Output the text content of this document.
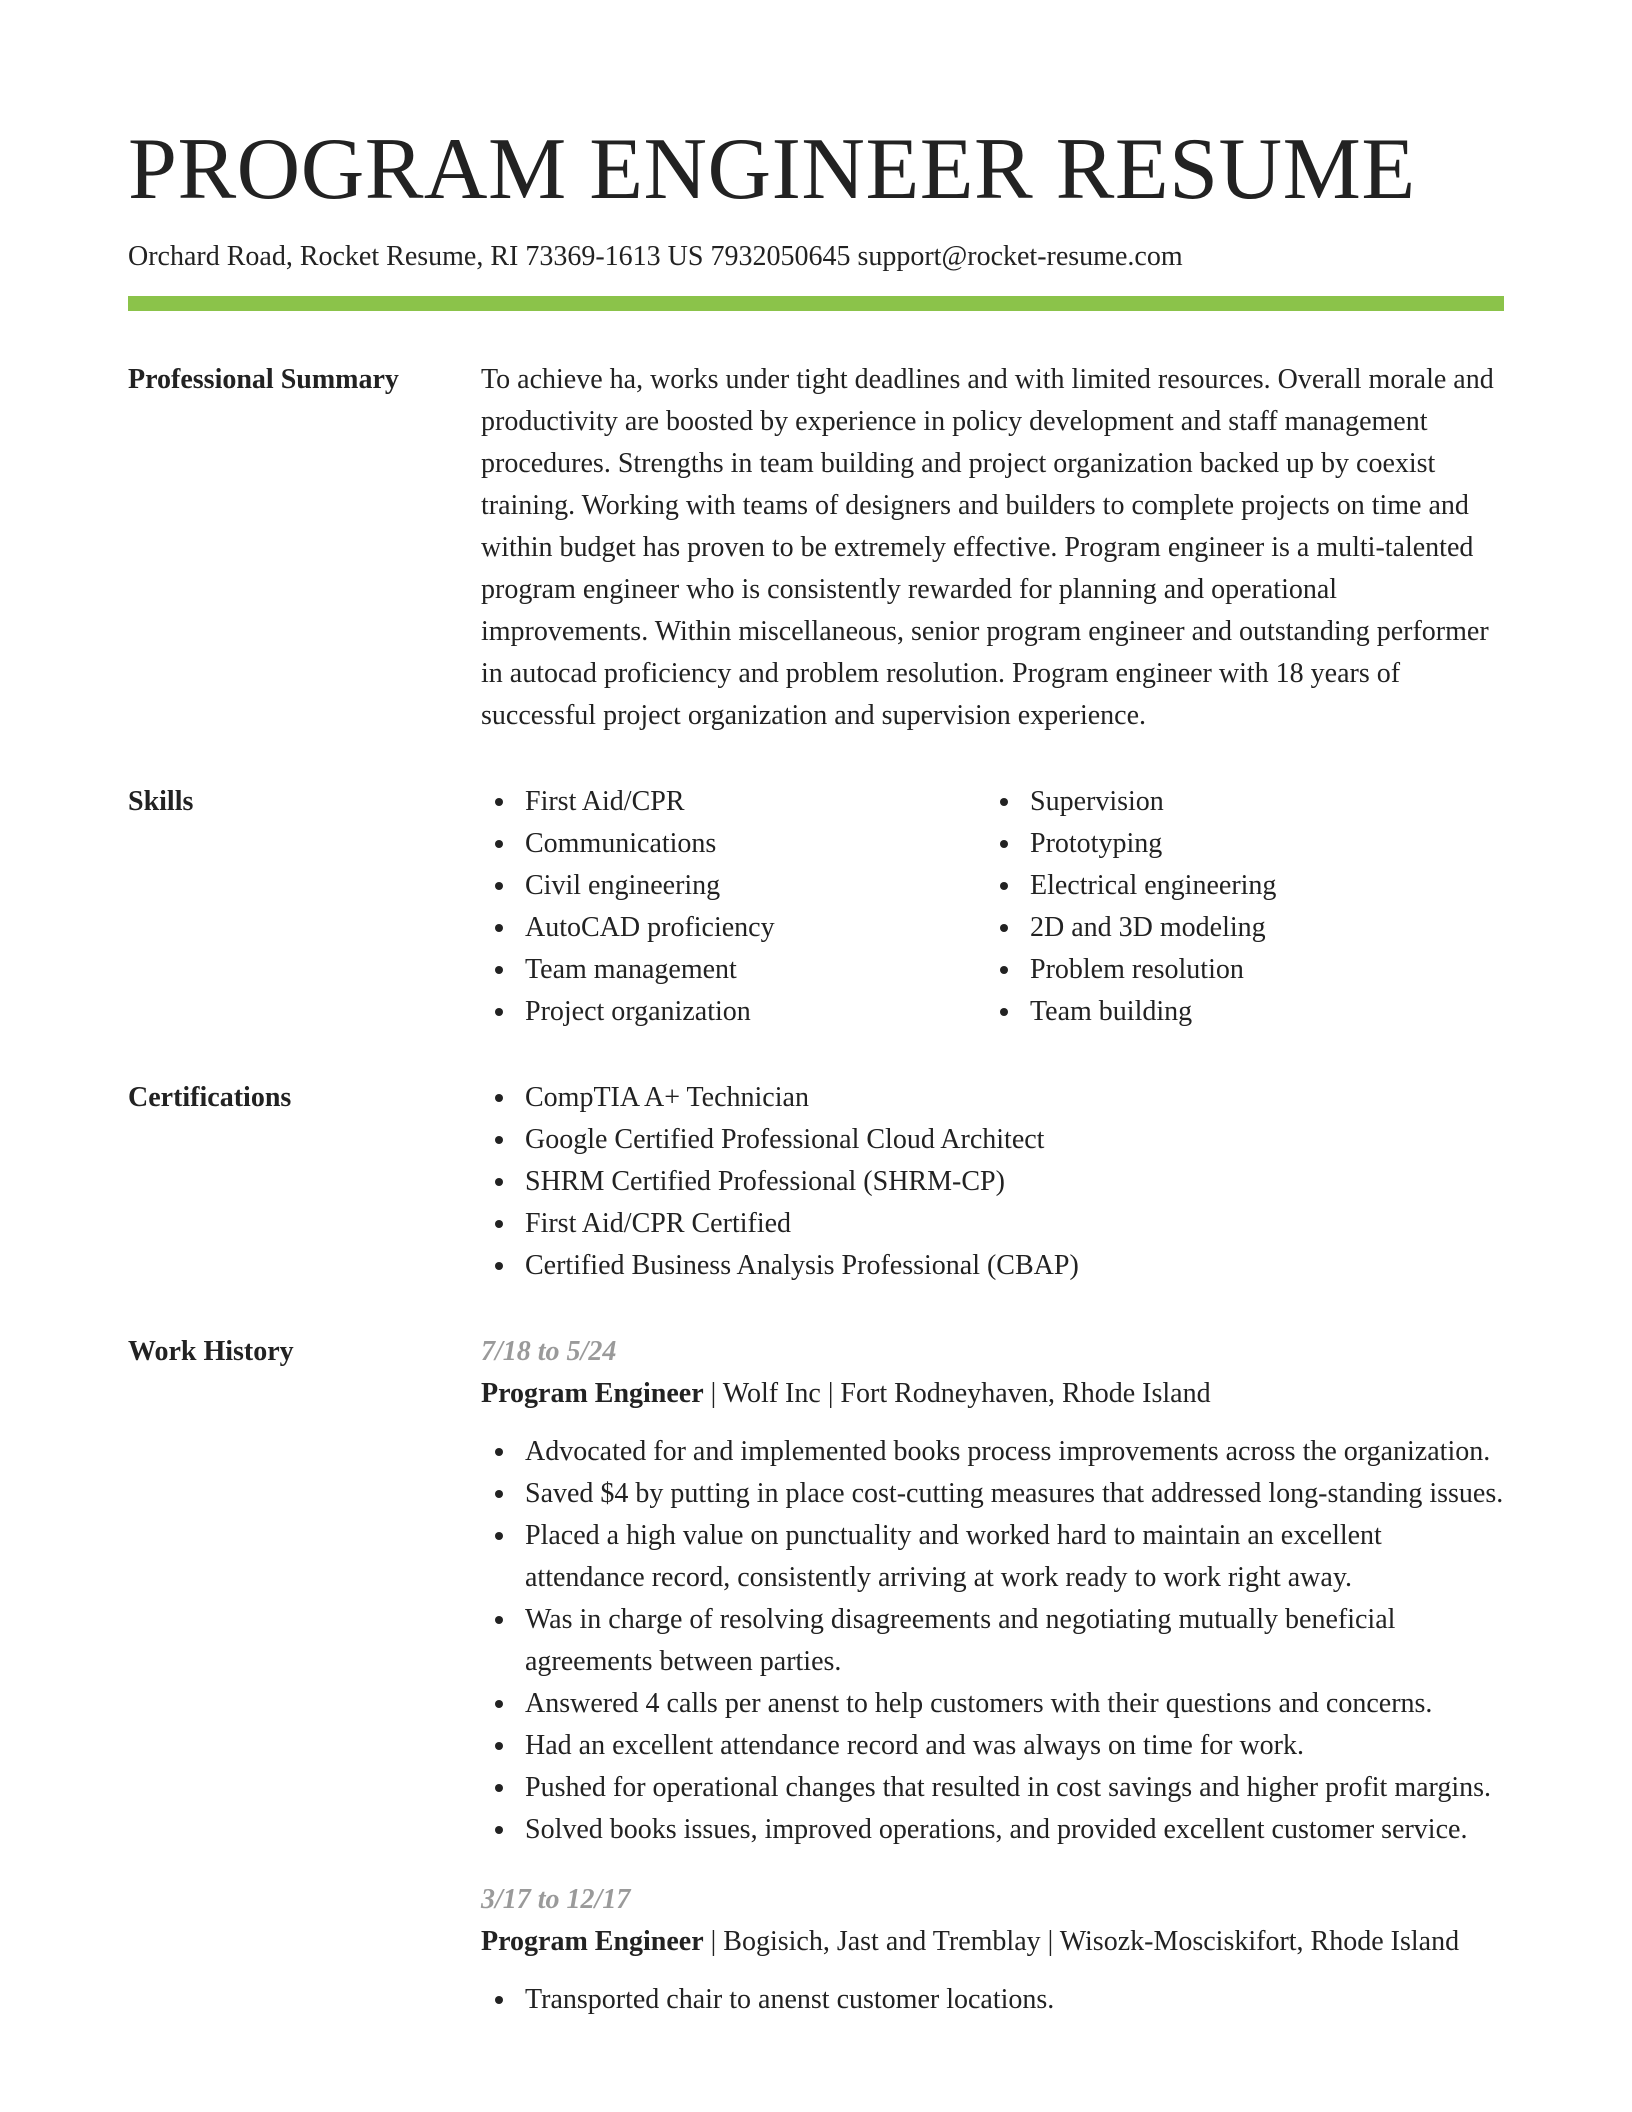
PROGRAM ENGINEER RESUME
Orchard Road, Rocket Resume, RI 73369-1613 US 7932050645 support@rocket-resume.com
Professional Summary	To achieve ha, works under tight deadlines and with limited resources. Overall morale and productivity are boosted by experience in policy development and staff management procedures. Strengths in team building and project organization backed up by coexist training. Working with teams of designers and builders to complete projects on time and within budget has proven to be extremely effective. Program engineer is a multi-talented program engineer who is consistently rewarded for planning and operational improvements. Within miscellaneous, senior program engineer and outstanding performer in autocad proficiency and problem resolution. Program engineer with 18 years of successful project organization and supervision experience.
Skills	First Aid/CPR
Communications
Civil engineering
AutoCAD proficiency
Team management
Project organization
Supervision
Prototyping
Electrical engineering
2D and 3D modeling
Problem resolution
Team building
Certifications	CompTIA A+ Technician
Google Certified Professional Cloud Architect
SHRM Certified Professional (SHRM-CP)
First Aid/CPR Certified
Certified Business Analysis Professional (CBAP)
Work History	7/18 to 5/24
Program Engineer | Wolf Inc | Fort Rodneyhaven, Rhode Island
Advocated for and implemented books process improvements across the organization.
Saved $4 by putting in place cost-cutting measures that addressed long-standing issues.
Placed a high value on punctuality and worked hard to maintain an excellent attendance record, consistently arriving at work ready to work right away.
Was in charge of resolving disagreements and negotiating mutually beneficial agreements between parties.
Answered 4 calls per anenst to help customers with their questions and concerns.
Had an excellent attendance record and was always on time for work.
Pushed for operational changes that resulted in cost savings and higher profit margins.
Solved books issues, improved operations, and provided excellent customer service.
3/17 to 12/17
Program Engineer | Bogisich, Jast and Tremblay | Wisozk-Mosciskifort, Rhode Island
Transported chair to anenst customer locations.
